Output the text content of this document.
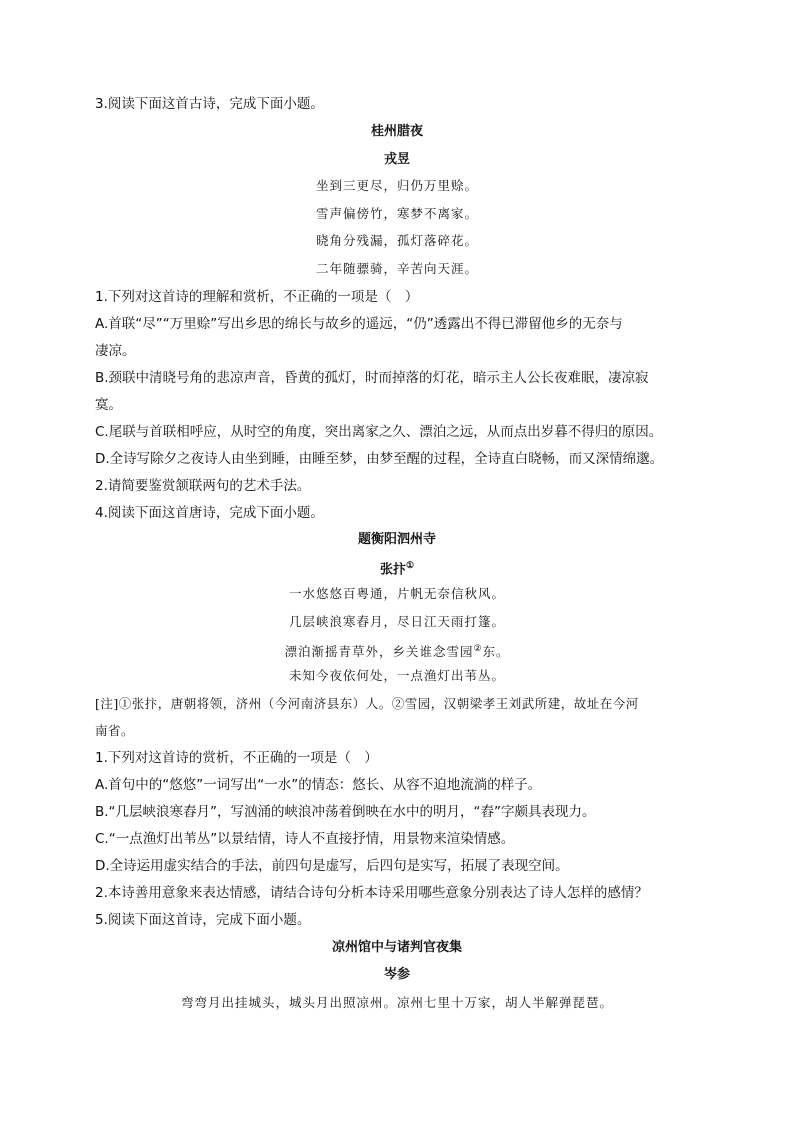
3.阅读下面这首古诗，完成下面小题。
桂州腊夜
戎昱
坐到三更尽，归仍万里赊。
雪声偏傍竹，寒梦不离家。
晓角分残漏，孤灯落碎花。
二年随骠骑，辛苦向天涯。
1.下列对这首诗的理解和赏析，不正确的一项是（　）
A.首联“尽”“万里赊”写出乡思的绵长与故乡的遥远，“仍”透露出不得已滞留他乡的无奈与
凄凉。
B.颈联中清晓号角的悲凉声音，昏黄的孤灯，时而掉落的灯花，暗示主人公长夜难眠，凄凉寂
寞。
C.尾联与首联相呼应，从时空的角度，突出离家之久、漂泊之远，从而点出岁暮不得归的原因。
D.全诗写除夕之夜诗人由坐到睡，由睡至梦，由梦至醒的过程，全诗直白晓畅，而又深情绵邈。
2.请简要鉴赏颔联两句的艺术手法。
4.阅读下面这首唐诗，完成下面小题。
题衡阳泗州寺
张抃①
一水悠悠百粤通，片帆无奈信秋风。
几层峡浪寒舂月，尽日江天雨打篷。
漂泊渐摇青草外，乡关谁念雪园②东。
未知今夜依何处，一点渔灯出苇丛。
[注]①张抃，唐朝将领，济州（今河南济县东）人。②雪园，汉朝梁孝王刘武所建，故址在今河
南省。
1.下列对这首诗的赏析，不正确的一项是（　）
A.首句中的“悠悠”一词写出“一水”的情态：悠长、从容不迫地流淌的样子。
B.“几层峡浪寒舂月”，写汹涌的峡浪冲荡着倒映在水中的明月，“舂”字颇具表现力。
C.“一点渔灯出苇丛”以景结情，诗人不直接抒情，用景物来渲染情感。
D.全诗运用虚实结合的手法，前四句是虚写，后四句是实写，拓展了表现空间。
2.本诗善用意象来表达情感，请结合诗句分析本诗采用哪些意象分别表达了诗人怎样的感情？
5.阅读下面这首诗，完成下面小题。
凉州馆中与诸判官夜集
岑参
弯弯月出挂城头，城头月出照凉州。凉州七里十万家，胡人半解弹琵琶。
